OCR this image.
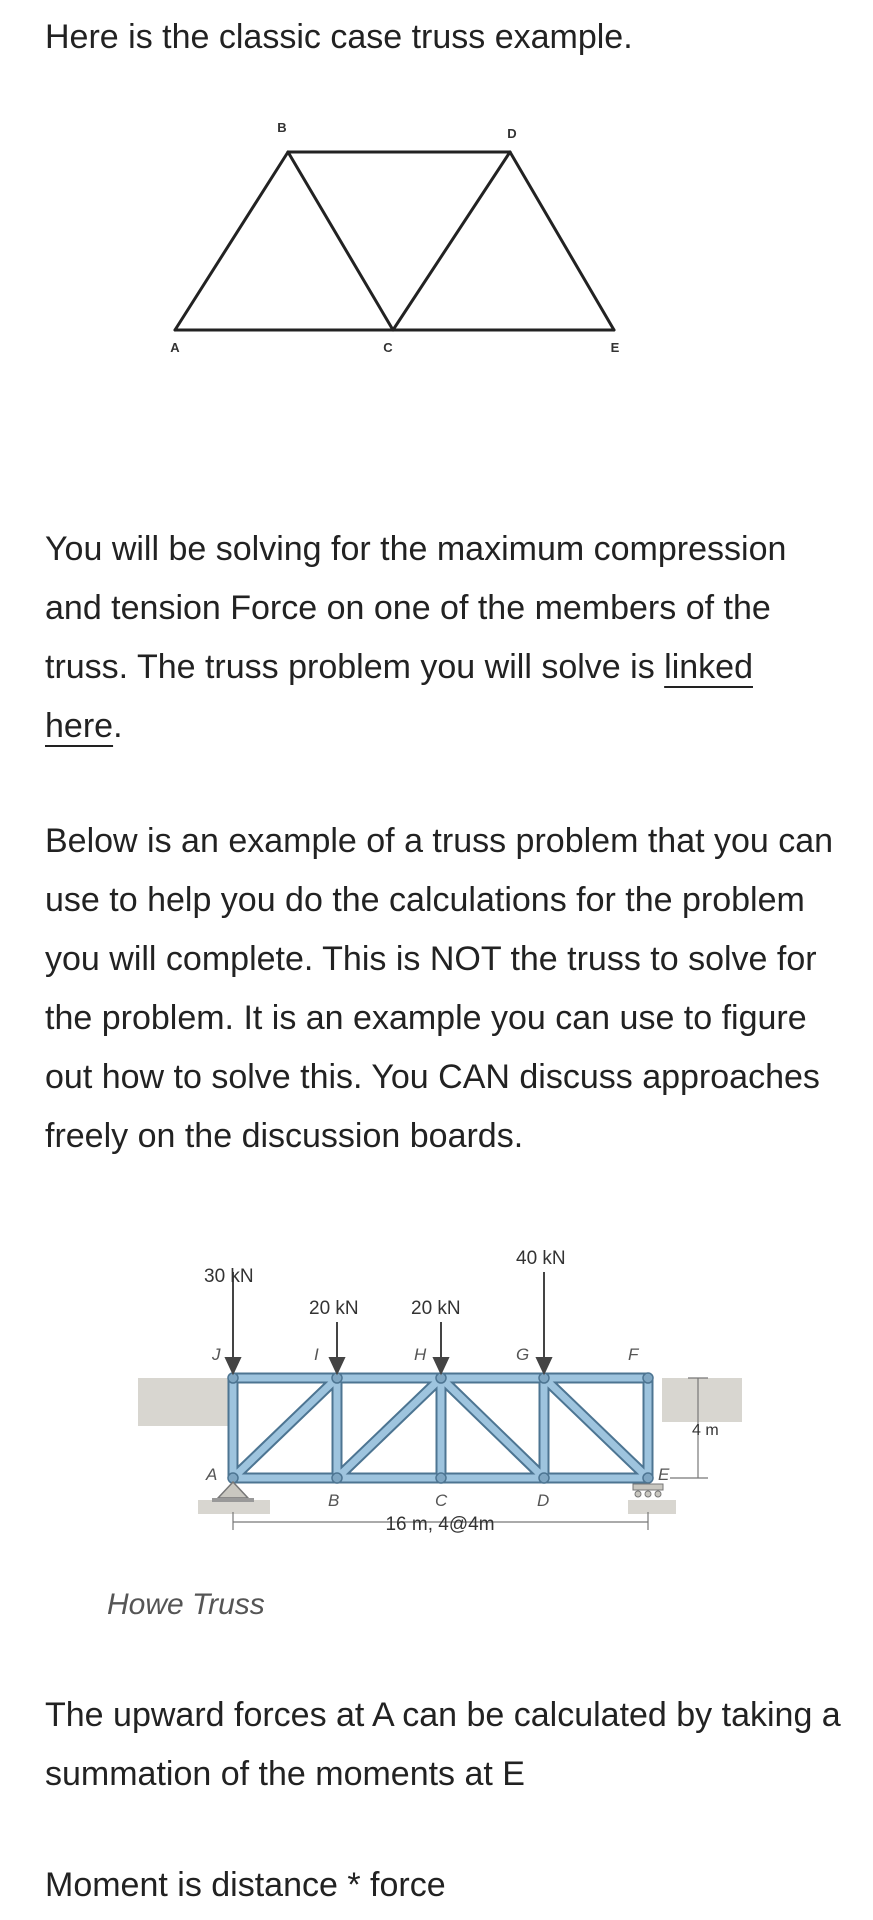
Here is the classic case truss example.

B	D
A	C	E

You will be solving for the maximum compression
and tension Force on one of the members of the
truss. The truss problem you will solve is linked
here.

Below is an example of a truss problem that you can
use to help you do the calculations for the problem
you will complete. This is NOT the truss to solve for
the problem. It is an example you can use to figure
out how to solve this. You CAN discuss approaches
freely on the discussion boards.

30 kN
20 kN	20 kN
40 kN
4 m
16 m, 4@4m
J	I	H	G	F
A
B	C	D
E
Howe Truss

The upward forces at A can be calculated by taking a
summation of the moments at E

Moment is distance * force
